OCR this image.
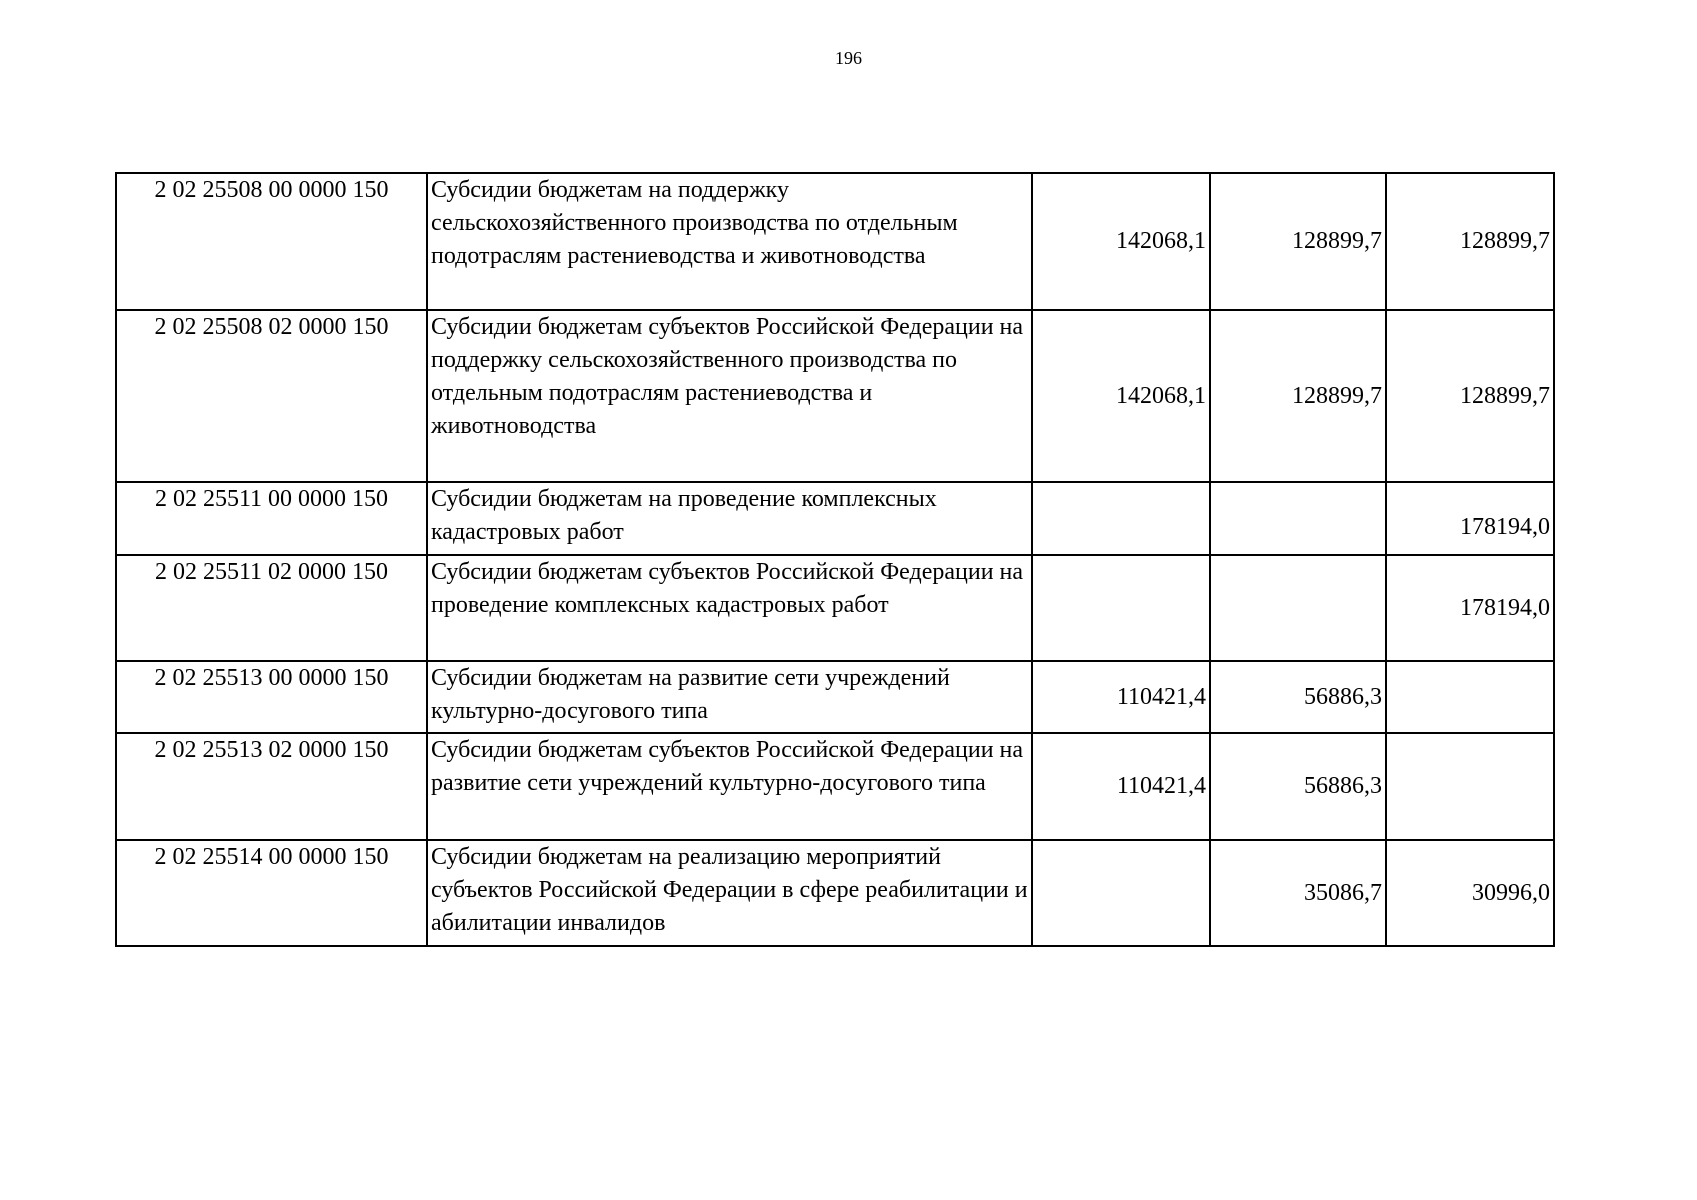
196
2 02 25508 00 0000 150	Субсидии бюджетам на поддержку сельскохозяйственного производства по отдельным подотраслям растениеводства и животноводства	142068,1	128899,7	128899,7
2 02 25508 02 0000 150	Субсидии бюджетам субъектов Российской Федерации на поддержку сельскохозяйственного производства по отдельным подотраслям растениеводства и животноводства	142068,1	128899,7	128899,7
2 02 25511 00 0000 150	Субсидии бюджетам на проведение комплексных кадастровых работ			178194,0
2 02 25511 02 0000 150	Субсидии бюджетам субъектов Российской Федерации на проведение комплексных кадастровых работ			178194,0
2 02 25513 00 0000 150	Субсидии бюджетам на развитие сети учреждений культурно-досугового типа	110421,4	56886,3	
2 02 25513 02 0000 150	Субсидии бюджетам субъектов Российской Федерации на развитие сети учреждений культурно-досугового типа	110421,4	56886,3	
2 02 25514 00 0000 150	Субсидии бюджетам на реализацию мероприятий субъектов Российской Федерации в сфере реабилитации и абилитации инвалидов		35086,7	30996,0
